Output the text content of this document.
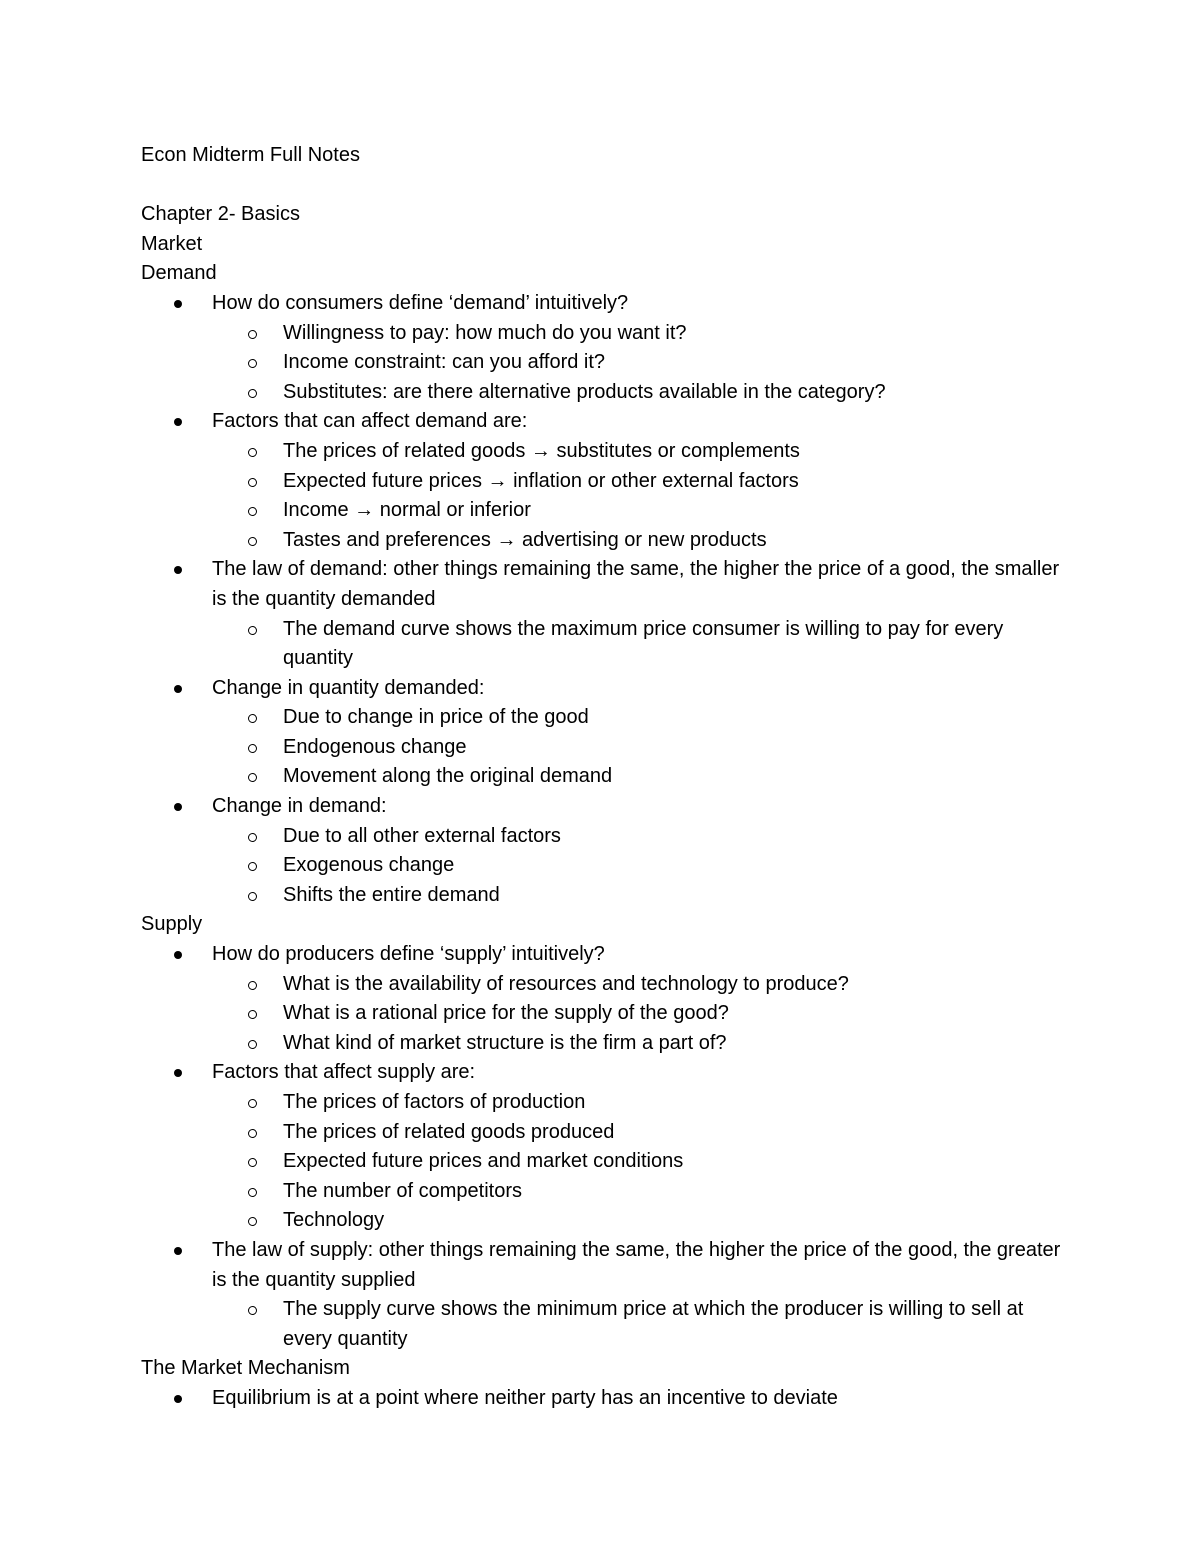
Econ Midterm Full Notes

Chapter 2- Basics

Market

Demand

How do consumers define ‘demand’ intuitively?
Willingness to pay: how much do you want it?
Income constraint: can you afford it?
Substitutes: are there alternative products available in the category?
Factors that can affect demand are:
The prices of related goods → substitutes or complements
Expected future prices → inflation or other external factors
Income → normal or inferior
Tastes and preferences → advertising or new products
The law of demand: other things remaining the same, the higher the price of a good, the smaller is the quantity demanded
The demand curve shows the maximum price consumer is willing to pay for every quantity
Change in quantity demanded:
Due to change in price of the good
Endogenous change
Movement along the original demand
Change in demand:
Due to all other external factors
Exogenous change
Shifts the entire demand

Supply

How do producers define ‘supply’ intuitively?
What is the availability of resources and technology to produce?
What is a rational price for the supply of the good?
What kind of market structure is the firm a part of?
Factors that affect supply are:
The prices of factors of production
The prices of related goods produced
Expected future prices and market conditions
The number of competitors
Technology
The law of supply: other things remaining the same, the higher the price of the good, the greater is the quantity supplied
The supply curve shows the minimum price at which the producer is willing to sell at every quantity

The Market Mechanism

Equilibrium is at a point where neither party has an incentive to deviate
